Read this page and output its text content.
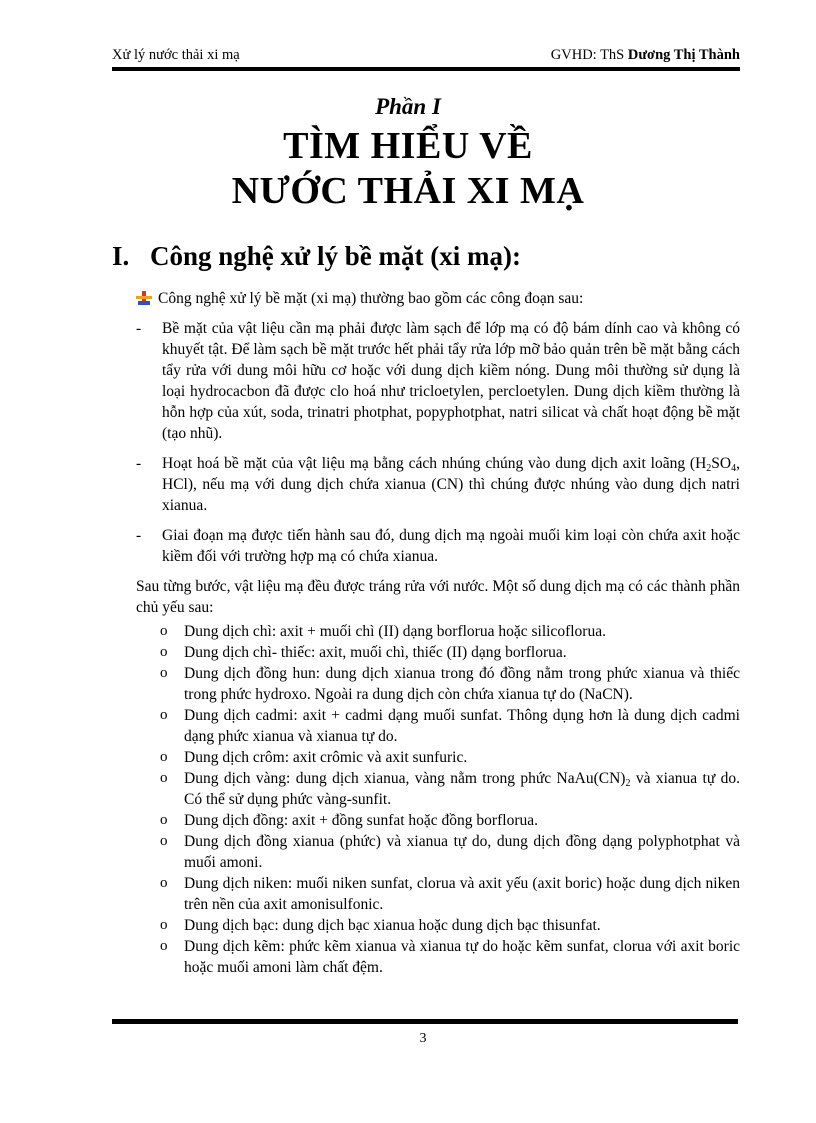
Xử lý nước thải xi mạ	GVHD: ThS Dương Thị Thành
Phần I
TÌM HIỂU VỀ
NƯỚC THẢI XI MẠ
I. Công nghệ xử lý bề mặt (xi mạ):
Công nghệ xử lý bề mặt (xi mạ) thường bao gồm các công đoạn sau:
- Bề mặt của vật liệu cần mạ phải được làm sạch để lớp mạ có độ bám dính cao và không có khuyết tật. Để làm sạch bề mặt trước hết phải tẩy rửa lớp mỡ bảo quản trên bề mặt bằng cách tẩy rửa với dung môi hữu cơ hoặc với dung dịch kiềm nóng. Dung môi thường sử dụng là loại hydrocacbon đã được clo hoá như tricloetylen, percloetylen. Dung dịch kiềm thường là hỗn hợp của xút, soda, trinatri photphat, popyphotphat, natri silicat và chất hoạt động bề mặt (tạo nhũ).
- Hoạt hoá bề mặt của vật liệu mạ bằng cách nhúng chúng vào dung dịch axit loãng ($H_2SO_4$, HCl), nếu mạ với dung dịch chứa xianua (CN) thì chúng được nhúng vào dung dịch natri xianua.
- Giai đoạn mạ được tiến hành sau đó, dung dịch mạ ngoài muối kim loại còn chứa axit hoặc kiềm đối với trường hợp mạ có chứa xianua.

Sau từng bước, vật liệu mạ đều được tráng rửa với nước. Một số dung dịch mạ có các thành phần chủ yếu sau:

o Dung dịch chì: axit + muối chì (II) dạng borflorua hoặc silicoflorua.
o Dung dịch chì- thiếc: axit, muối chì, thiếc (II) dạng borflorua.
o Dung dịch đồng hun: dung dịch xianua trong đó đồng nằm trong phức xianua và thiếc trong phức hydroxo. Ngoài ra dung dịch còn chứa xianua tự do (NaCN).
o Dung dịch cadmi: axit + cadmi dạng muối sunfat. Thông dụng hơn là dung dịch cadmi dạng phức xianua và xianua tự do.
o Dung dịch crôm: axit crômic và axit sunfuric.
o Dung dịch vàng: dung dịch xianua, vàng nằm trong phức $NaAu(CN)_2$ và xianua tự do. Có thể sử dụng phức vàng-sunfit.
o Dung dịch đồng: axit + đồng sunfat hoặc đồng borflorua.
o Dung dịch đồng xianua (phức) và xianua tự do, dung dịch đồng dạng polyphotphat và muối amoni.
o Dung dịch niken: muối niken sunfat, clorua và axit yếu (axit boric) hoặc dung dịch niken trên nền của axit amonisulfonic.
o Dung dịch bạc: dung dịch bạc xianua hoặc dung dịch bạc thisunfat.
o Dung dịch kẽm: phức kẽm xianua và xianua tự do hoặc kẽm sunfat, clorua với axit boric hoặc muối amoni làm chất đệm.
3
